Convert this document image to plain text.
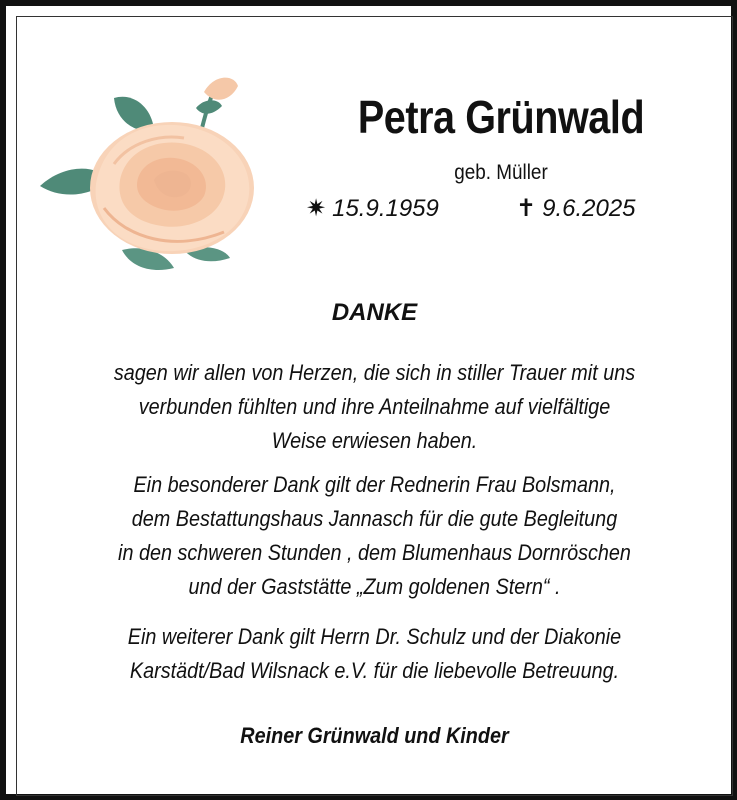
Petra Grünwald
geb. Müller
✷ 15.9.1959	✝ 9.6.2025
DANKE

sagen wir allen von Herzen, die sich in stiller Trauer mit uns
verbunden fühlten und ihre Anteilnahme auf vielfältige
Weise erwiesen haben.

Ein besonderer Dank gilt der Rednerin Frau Bolsmann,
dem Bestattungshaus Jannasch für die gute Begleitung
in den schweren Stunden , dem Blumenhaus Dornröschen
und der Gaststätte „Zum goldenen Stern“ .

Ein weiterer Dank gilt Herrn Dr. Schulz und der Diakonie
Karstädt/Bad Wilsnack e.V. für die liebevolle Betreuung.

Reiner Grünwald und Kinder
